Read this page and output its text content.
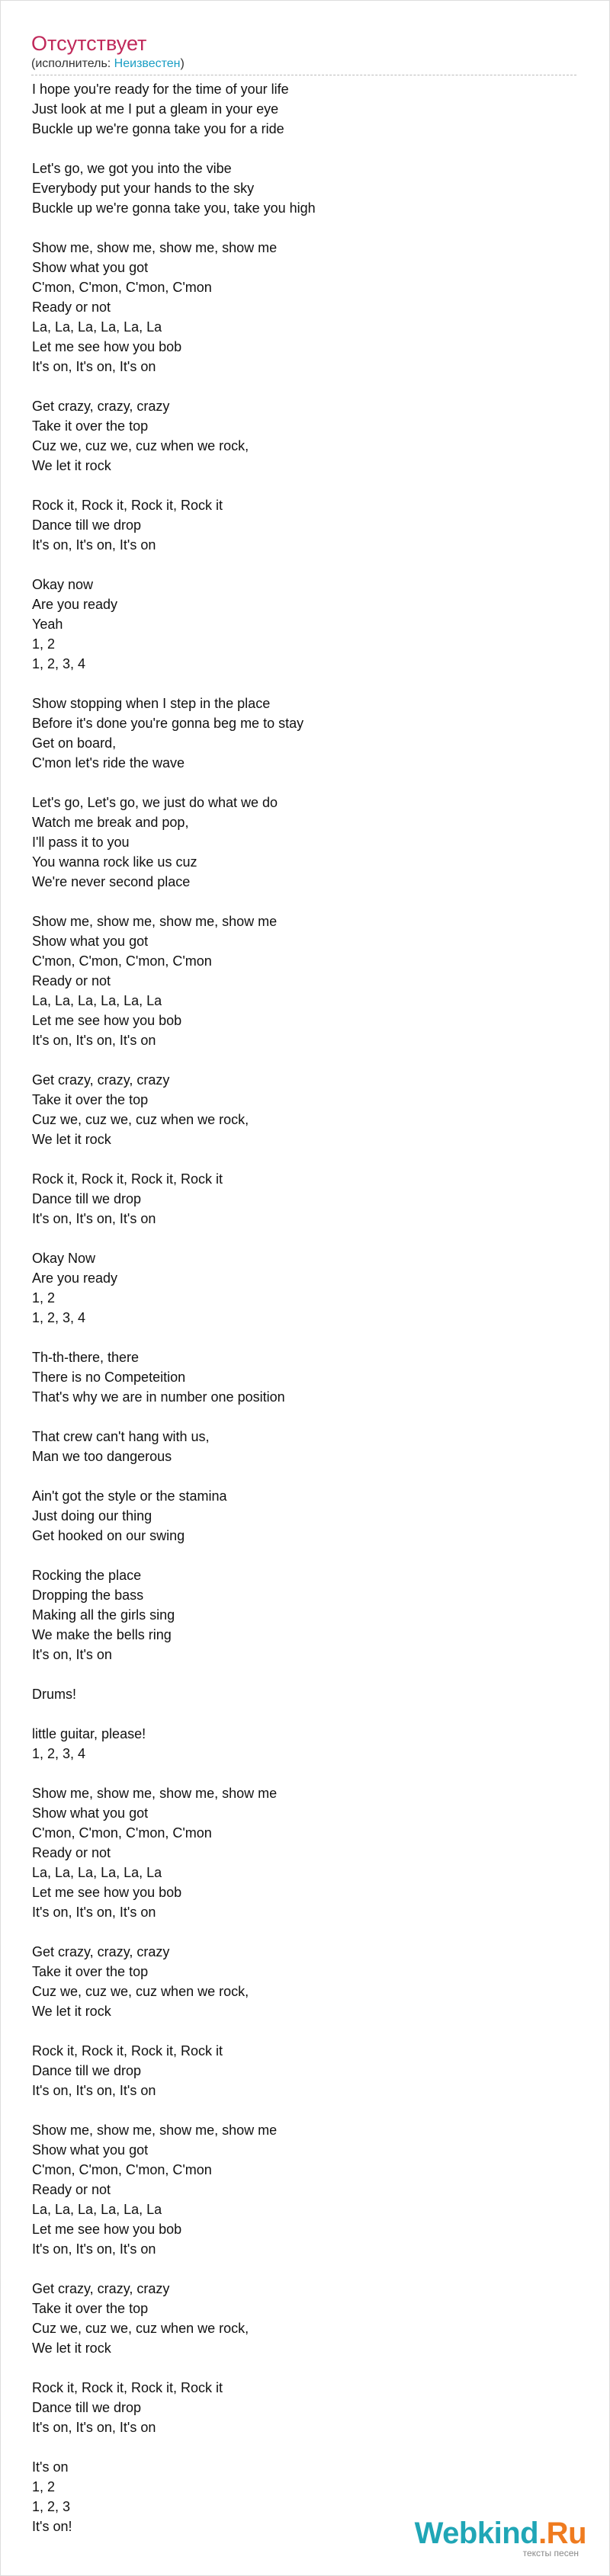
Отсутствует
(исполнитель: Неизвестен)
I hope you're ready for the time of your life
Just look at me I put a gleam in your eye
Buckle up we're gonna take you for a ride
Let's go, we got you into the vibe
Everybody put your hands to the sky
Buckle up we're gonna take you, take you high
Show me, show me, show me, show me
Show what you got
C'mon, C'mon, C'mon, C'mon
Ready or not
La, La, La, La, La, La
Let me see how you bob
It's on, It's on, It's on
Get crazy, crazy, crazy
Take it over the top
Cuz we, cuz we, cuz when we rock,
We let it rock
Rock it, Rock it, Rock it, Rock it
Dance till we drop
It's on, It's on, It's on
Okay now
Are you ready
Yeah
1, 2
1, 2, 3, 4
Show stopping when I step in the place
Before it's done you're gonna beg me to stay
Get on board,
C'mon let's ride the wave
Let's go, Let's go, we just do what we do
Watch me break and pop,
I'll pass it to you
You wanna rock like us cuz
We're never second place
Show me, show me, show me, show me
Show what you got
C'mon, C'mon, C'mon, C'mon
Ready or not
La, La, La, La, La, La
Let me see how you bob
It's on, It's on, It's on
Get crazy, crazy, crazy
Take it over the top
Cuz we, cuz we, cuz when we rock,
We let it rock
Rock it, Rock it, Rock it, Rock it
Dance till we drop
It's on, It's on, It's on
Okay Now
Are you ready
1, 2
1, 2, 3, 4
Th-th-there, there
There is no Competeition
That's why we are in number one position
That crew can't hang with us,
Man we too dangerous
Ain't got the style or the stamina
Just doing our thing
Get hooked on our swing
Rocking the place
Dropping the bass
Making all the girls sing
We make the bells ring
It's on, It's on
Drums!
little guitar, please!
1, 2, 3, 4
Show me, show me, show me, show me
Show what you got
C'mon, C'mon, C'mon, C'mon
Ready or not
La, La, La, La, La, La
Let me see how you bob
It's on, It's on, It's on
Get crazy, crazy, crazy
Take it over the top
Cuz we, cuz we, cuz when we rock,
We let it rock
Rock it, Rock it, Rock it, Rock it
Dance till we drop
It's on, It's on, It's on
Show me, show me, show me, show me
Show what you got
C'mon, C'mon, C'mon, C'mon
Ready or not
La, La, La, La, La, La
Let me see how you bob
It's on, It's on, It's on
Get crazy, crazy, crazy
Take it over the top
Cuz we, cuz we, cuz when we rock,
We let it rock
Rock it, Rock it, Rock it, Rock it
Dance till we drop
It's on, It's on, It's on
It's on
1, 2
1, 2, 3
It's on!	Webkind.Ru
тексты песен
